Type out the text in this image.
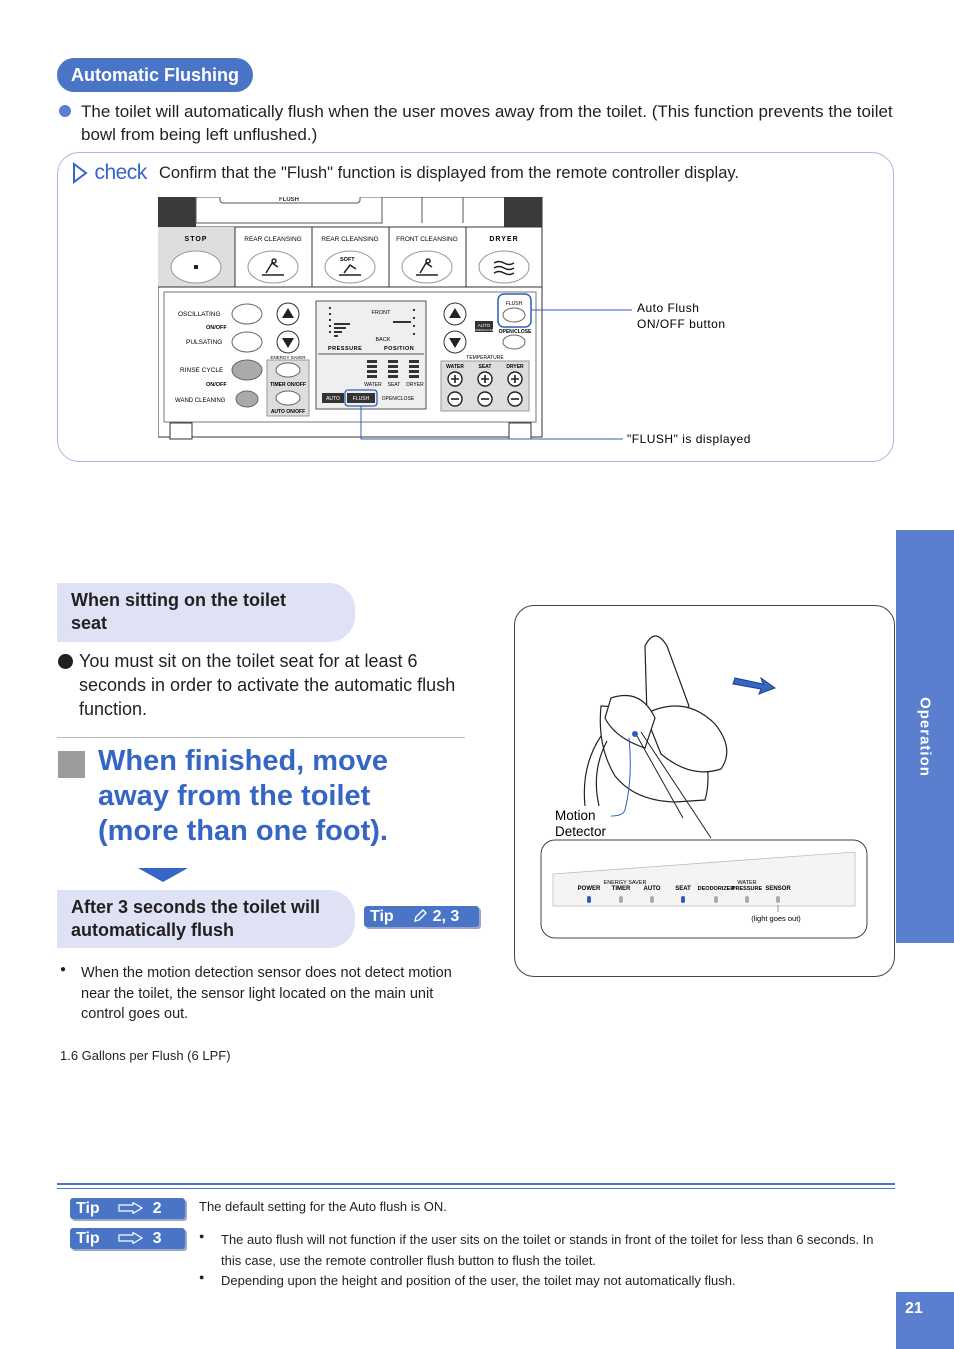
Automatic Flushing
The toilet will automatically flush when the user moves away from the toilet. (This function prevents the toilet bowl from being left unflushed.)
check Confirm that the "Flush" function is displayed from the remote controller display.
FLUSH
STOP	REAR CLEANSING	REAR CLEANSING	FRONT CLEANSING	DRYER
SOFT
OSCILLATING
ON/OFF
PULSATING
RINSE CYCLE
ON/OFF
WAND CLEANING
ENERGY SAVER
TIMER ON/OFF
AUTO ON/OFF
FRONT
BACK
PRESSURE	POSITION
WATER SEAT DRYER
AUTO	FLUSH	OPEN/CLOSE
AUTO
OPEN/CLOSE
FLUSH
OPEN/CLOSE
TEMPERATURE
WATER	SEAT	DRYER
Auto Flush
ON/OFF button
"FLUSH" is displayed
Operation
When sitting on the toilet
seat
You must sit on the toilet seat for at least 6 seconds in order to activate the automatic flush function.
When finished, move
away from the toilet
(more than one foot).
After 3 seconds the toilet will
automatically flush
Tip 2, 3
● When the motion detection sensor does not detect motion near the toilet, the sensor light located on the main unit control goes out.
1.6 Gallons per Flush (6 LPF)
Motion
Detector
ENERGY SAVER	WATER
POWER TIMER AUTO SEAT DEODORIZER
PRESSURE SENSOR
(light goes out)
Tip	2	The default setting for the Auto flush is ON.
Tip	3	● The auto flush will not function if the user sits on the toilet or stands in front of the toilet for less than 6 seconds. In this case, use the remote controller flush button to flush the toilet.
● Depending upon the height and position of the user, the toilet may not automatically flush.
21
